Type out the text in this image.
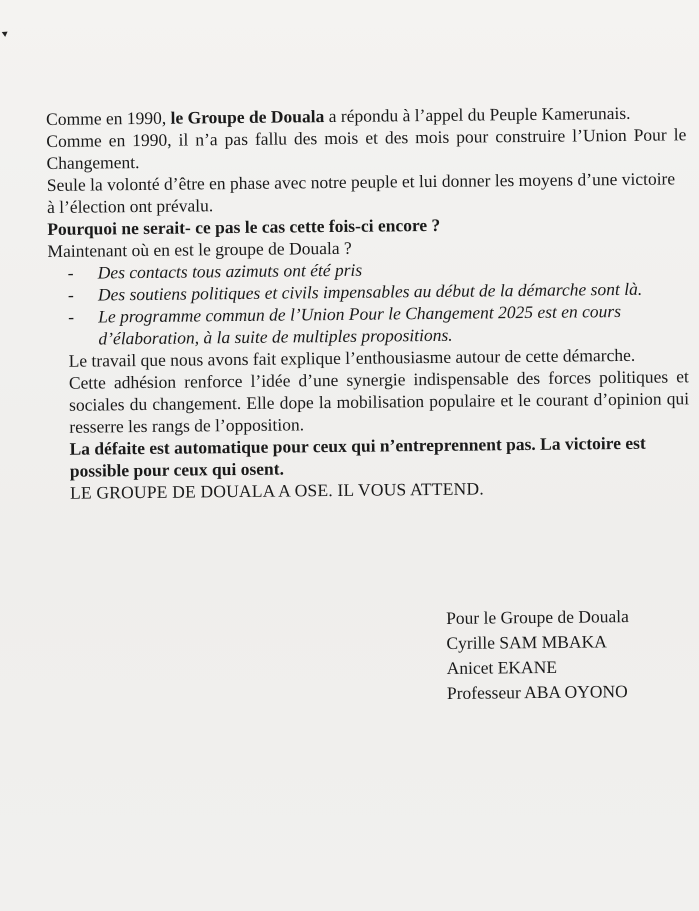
Comme en 1990, le Groupe de Douala a répondu à l’appel du Peuple Kamerunais.

Comme en 1990, il n’a pas fallu des mois et des mois pour construire l’Union Pour le Changement.

Seule la volonté d’être en phase avec notre peuple et lui donner les moyens d’une victoire à l’élection ont prévalu.

Pourquoi ne serait- ce pas le cas cette fois-ci encore ?

Maintenant où en est le groupe de Douala ?

- Des contacts tous azimuts ont été pris
- Des soutiens politiques et civils impensables au début de la démarche sont là.
- Le programme commun de l’Union Pour le Changement 2025 est en cours d’élaboration, à la suite de multiples propositions.

Le travail que nous avons fait explique l’enthousiasme autour de cette démarche.

Cette adhésion renforce l’idée d’une synergie indispensable des forces politiques et sociales du changement. Elle dope la mobilisation populaire et le courant d’opinion qui resserre les rangs de l’opposition.

La défaite est automatique pour ceux qui n’entreprennent pas. La victoire est possible pour ceux qui osent.

LE GROUPE DE DOUALA A OSE. IL VOUS ATTEND.

Pour le Groupe de Douala
Cyrille SAM MBAKA
Anicet EKANE
Professeur ABA OYONO
